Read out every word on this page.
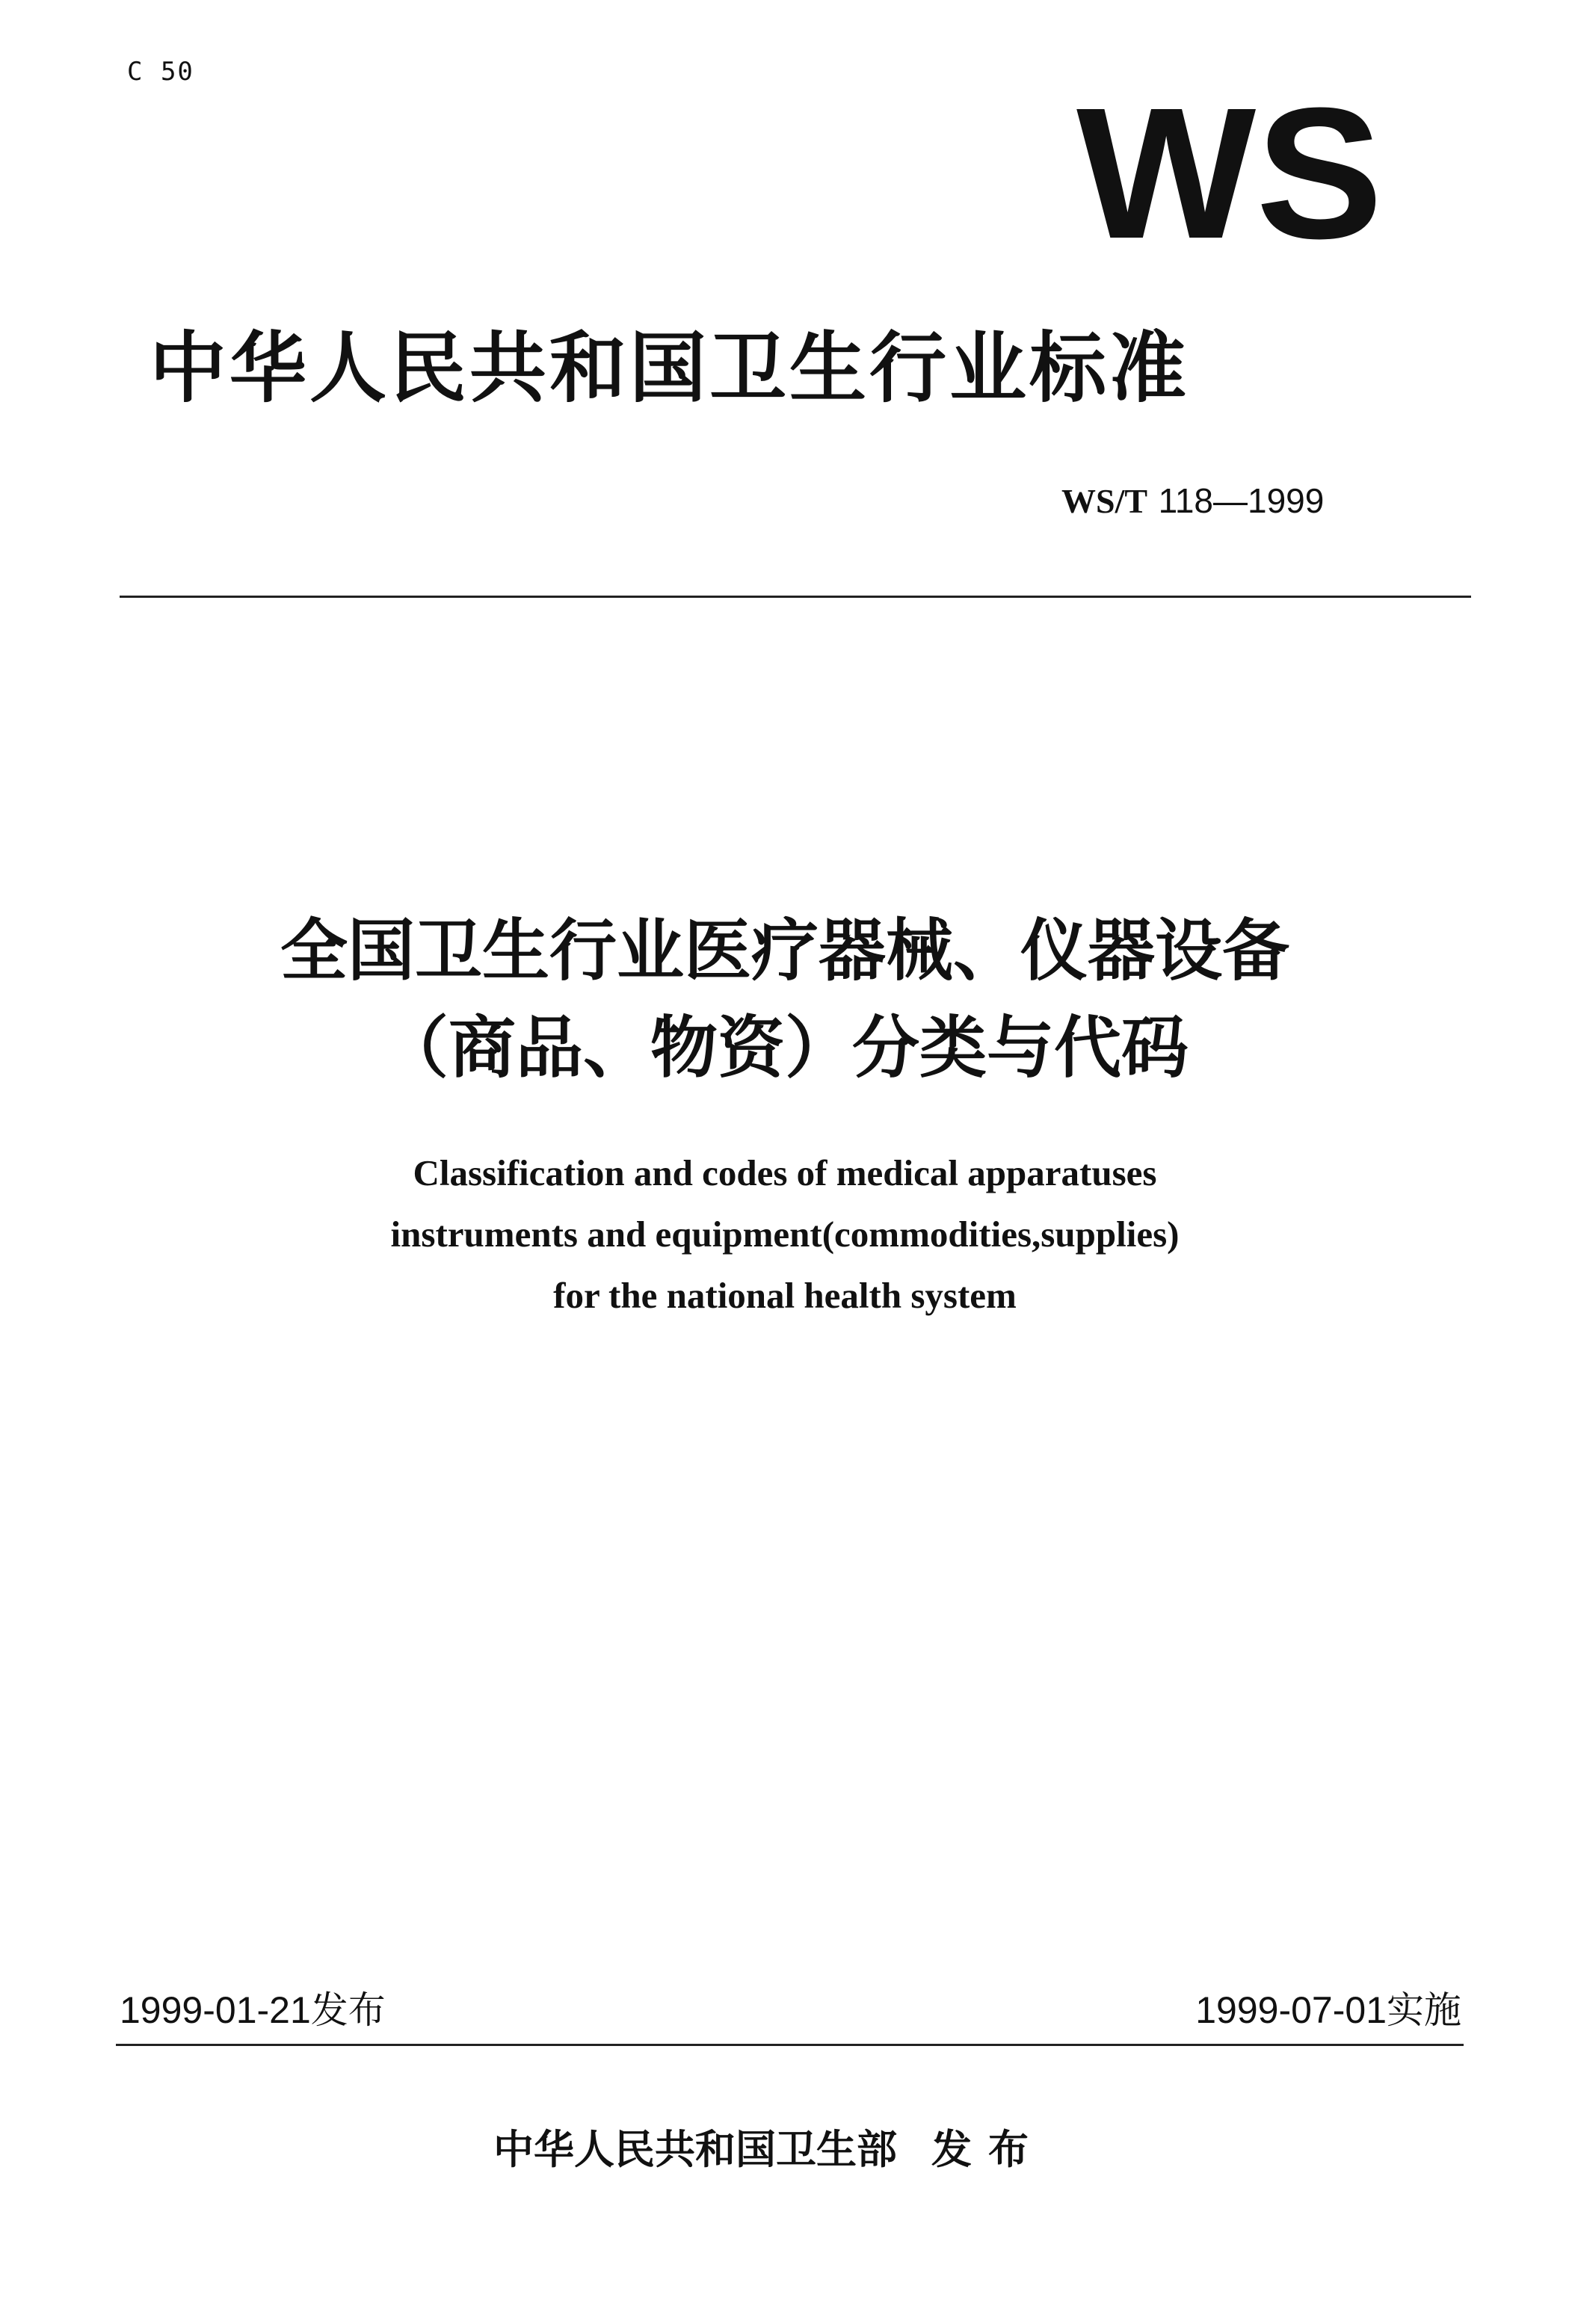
C 50	WS
中华人民共和国卫生行业标准
WS/T 118—1999
全国卫生行业医疗器械、仪器设备
（商品、物资）分类与代码
Classification and codes of medical apparatuses
instruments and equipment(commodities,supplies)
for the national health system
1999-01-21发布	1999-07-01实施
中华人民共和国卫生部 发布
